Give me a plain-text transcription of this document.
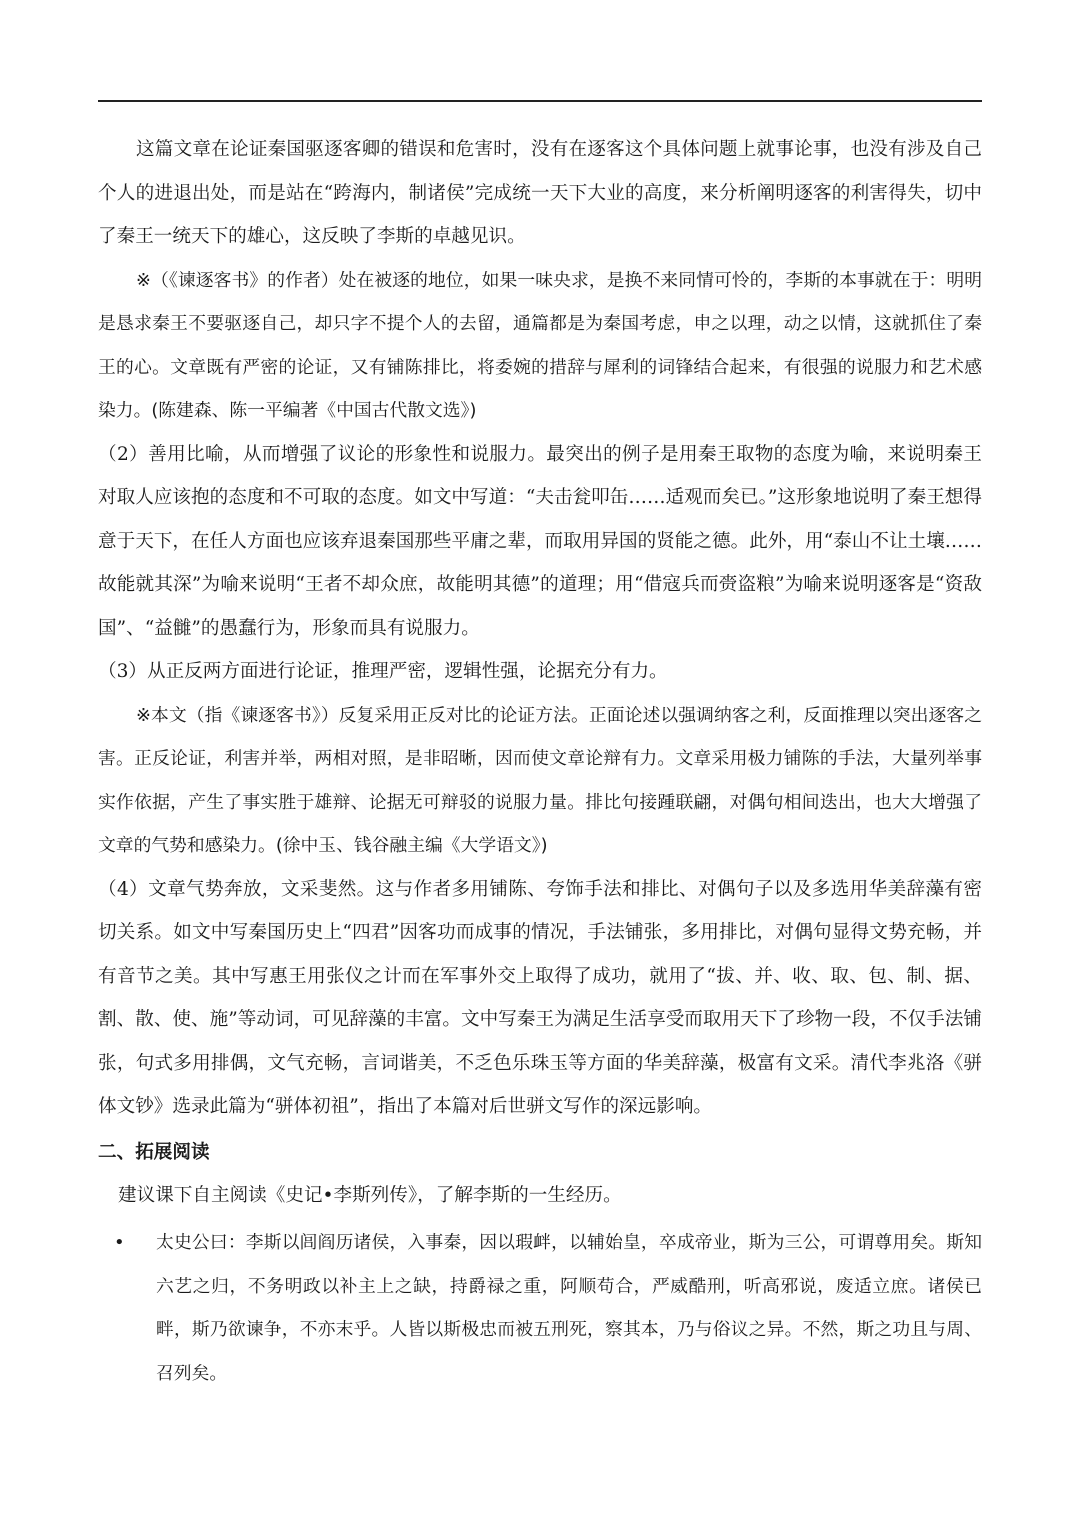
这篇文章在论证秦国驱逐客卿的错误和危害时，没有在逐客这个具体问题上就事论事，也没有涉及自己个人的进退出处，而是站在“跨海内，制诸侯”完成统一天下大业的高度，来分析阐明逐客的利害得失，切中了秦王一统天下的雄心，这反映了李斯的卓越见识。

※（《谏逐客书》的作者）处在被逐的地位，如果一味央求，是换不来同情可怜的，李斯的本事就在于：明明是恳求秦王不要驱逐自己，却只字不提个人的去留，通篇都是为秦国考虑，申之以理，动之以情，这就抓住了秦王的心。文章既有严密的论证，又有铺陈排比，将委婉的措辞与犀利的词锋结合起来，有很强的说服力和艺术感染力。(陈建森、陈一平编著《中国古代散文选》)

（2）善用比喻，从而增强了议论的形象性和说服力。最突出的例子是用秦王取物的态度为喻，来说明秦王对取人应该抱的态度和不可取的态度。如文中写道：“夫击瓮叩缶……适观而矣已。”这形象地说明了秦王想得意于天下，在任人方面也应该弃退秦国那些平庸之辈，而取用异国的贤能之德。此外，用“泰山不让土壤……故能就其深”为喻来说明“王者不却众庶，故能明其德”的道理；用“借寇兵而赍盗粮”为喻来说明逐客是“资敌国”、“益雠”的愚蠢行为，形象而具有说服力。

（3）从正反两方面进行论证，推理严密，逻辑性强，论据充分有力。

※本文（指《谏逐客书》）反复采用正反对比的论证方法。正面论述以强调纳客之利，反面推理以突出逐客之害。正反论证，利害并举，两相对照，是非昭晰，因而使文章论辩有力。文章采用极力铺陈的手法，大量列举事实作依据，产生了事实胜于雄辩、论据无可辩驳的说服力量。排比句接踵联翩，对偶句相间迭出，也大大增强了文章的气势和感染力。(徐中玉、钱谷融主编《大学语文》)

（4）文章气势奔放，文采斐然。这与作者多用铺陈、夸饰手法和排比、对偶句子以及多选用华美辞藻有密切关系。如文中写秦国历史上“四君”因客功而成事的情况，手法铺张，多用排比，对偶句显得文势充畅，并有音节之美。其中写惠王用张仪之计而在军事外交上取得了成功，就用了“拔、并、收、取、包、制、据、割、散、使、施”等动词，可见辞藻的丰富。文中写秦王为满足生活享受而取用天下了珍物一段，不仅手法铺张，句式多用排偶，文气充畅，言词谐美，不乏色乐珠玉等方面的华美辞藻，极富有文采。清代李兆洛《骈体文钞》选录此篇为“骈体初祖”，指出了本篇对后世骈文写作的深远影响。

二、拓展阅读

建议课下自主阅读《史记•李斯列传》，了解李斯的一生经历。

• 太史公曰：李斯以闾阎历诸侯，入事秦，因以瑕衅，以辅始皇，卒成帝业，斯为三公，可谓尊用矣。斯知六艺之归，不务明政以补主上之缺，持爵禄之重，阿顺苟合，严威酷刑，听高邪说，废适立庶。诸侯已畔，斯乃欲谏争，不亦末乎。人皆以斯极忠而被五刑死，察其本，乃与俗议之异。不然，斯之功且与周、召列矣。
